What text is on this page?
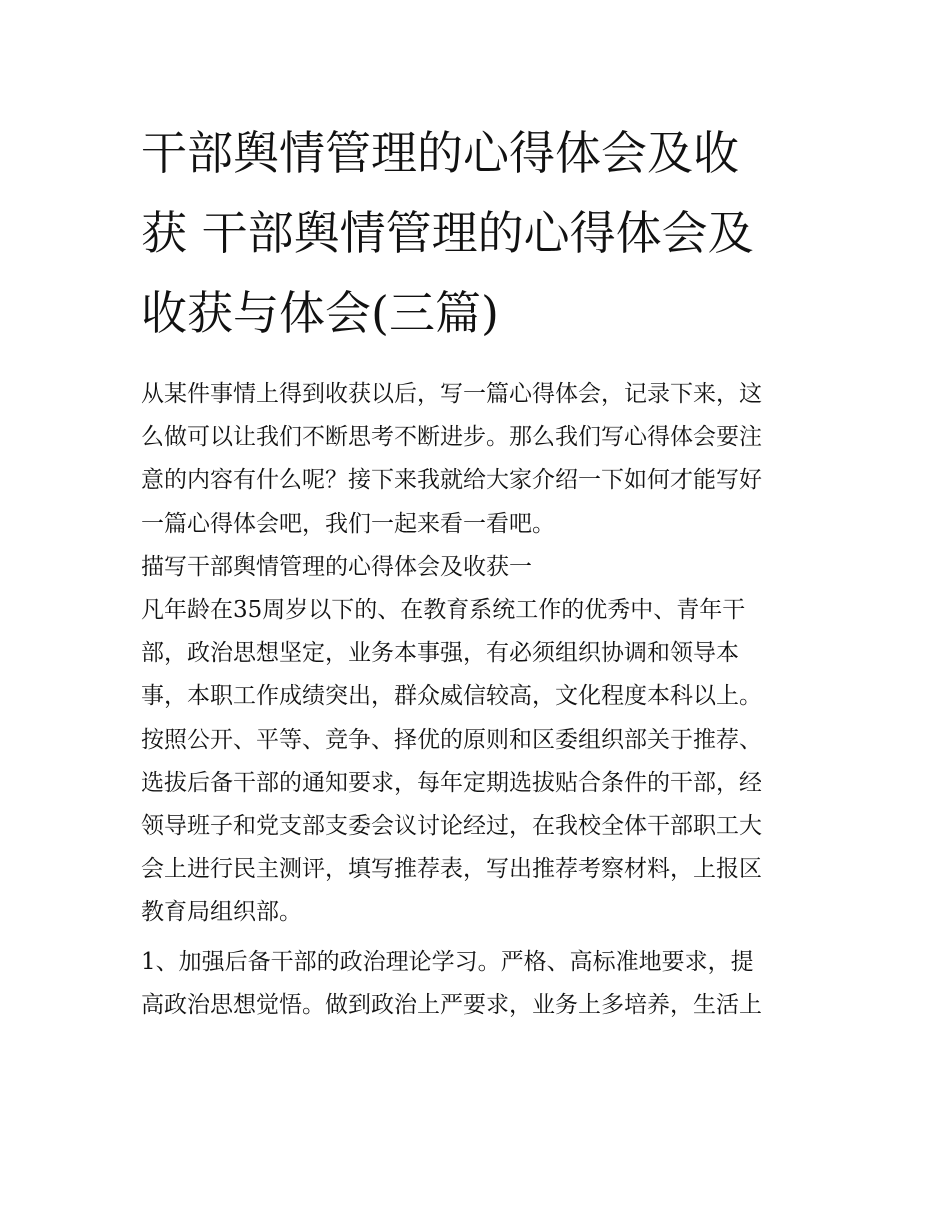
干部舆情管理的心得体会及收
获 干部舆情管理的心得体会及
收获与体会(三篇)
从某件事情上得到收获以后，写一篇心得体会，记录下来，这
么做可以让我们不断思考不断进步。那么我们写心得体会要注
意的内容有什么呢？接下来我就给大家介绍一下如何才能写好
一篇心得体会吧，我们一起来看一看吧。
描写干部舆情管理的心得体会及收获一
凡年龄在35周岁以下的、在教育系统工作的优秀中、青年干
部，政治思想坚定，业务本事强，有必须组织协调和领导本
事，本职工作成绩突出，群众威信较高，文化程度本科以上。
按照公开、平等、竞争、择优的原则和区委组织部关于推荐、
选拔后备干部的通知要求，每年定期选拔贴合条件的干部，经
领导班子和党支部支委会议讨论经过，在我校全体干部职工大
会上进行民主测评，填写推荐表，写出推荐考察材料，上报区
教育局组织部。
1、加强后备干部的政治理论学习。严格、高标准地要求，提
高政治思想觉悟。做到政治上严要求，业务上多培养，生活上
